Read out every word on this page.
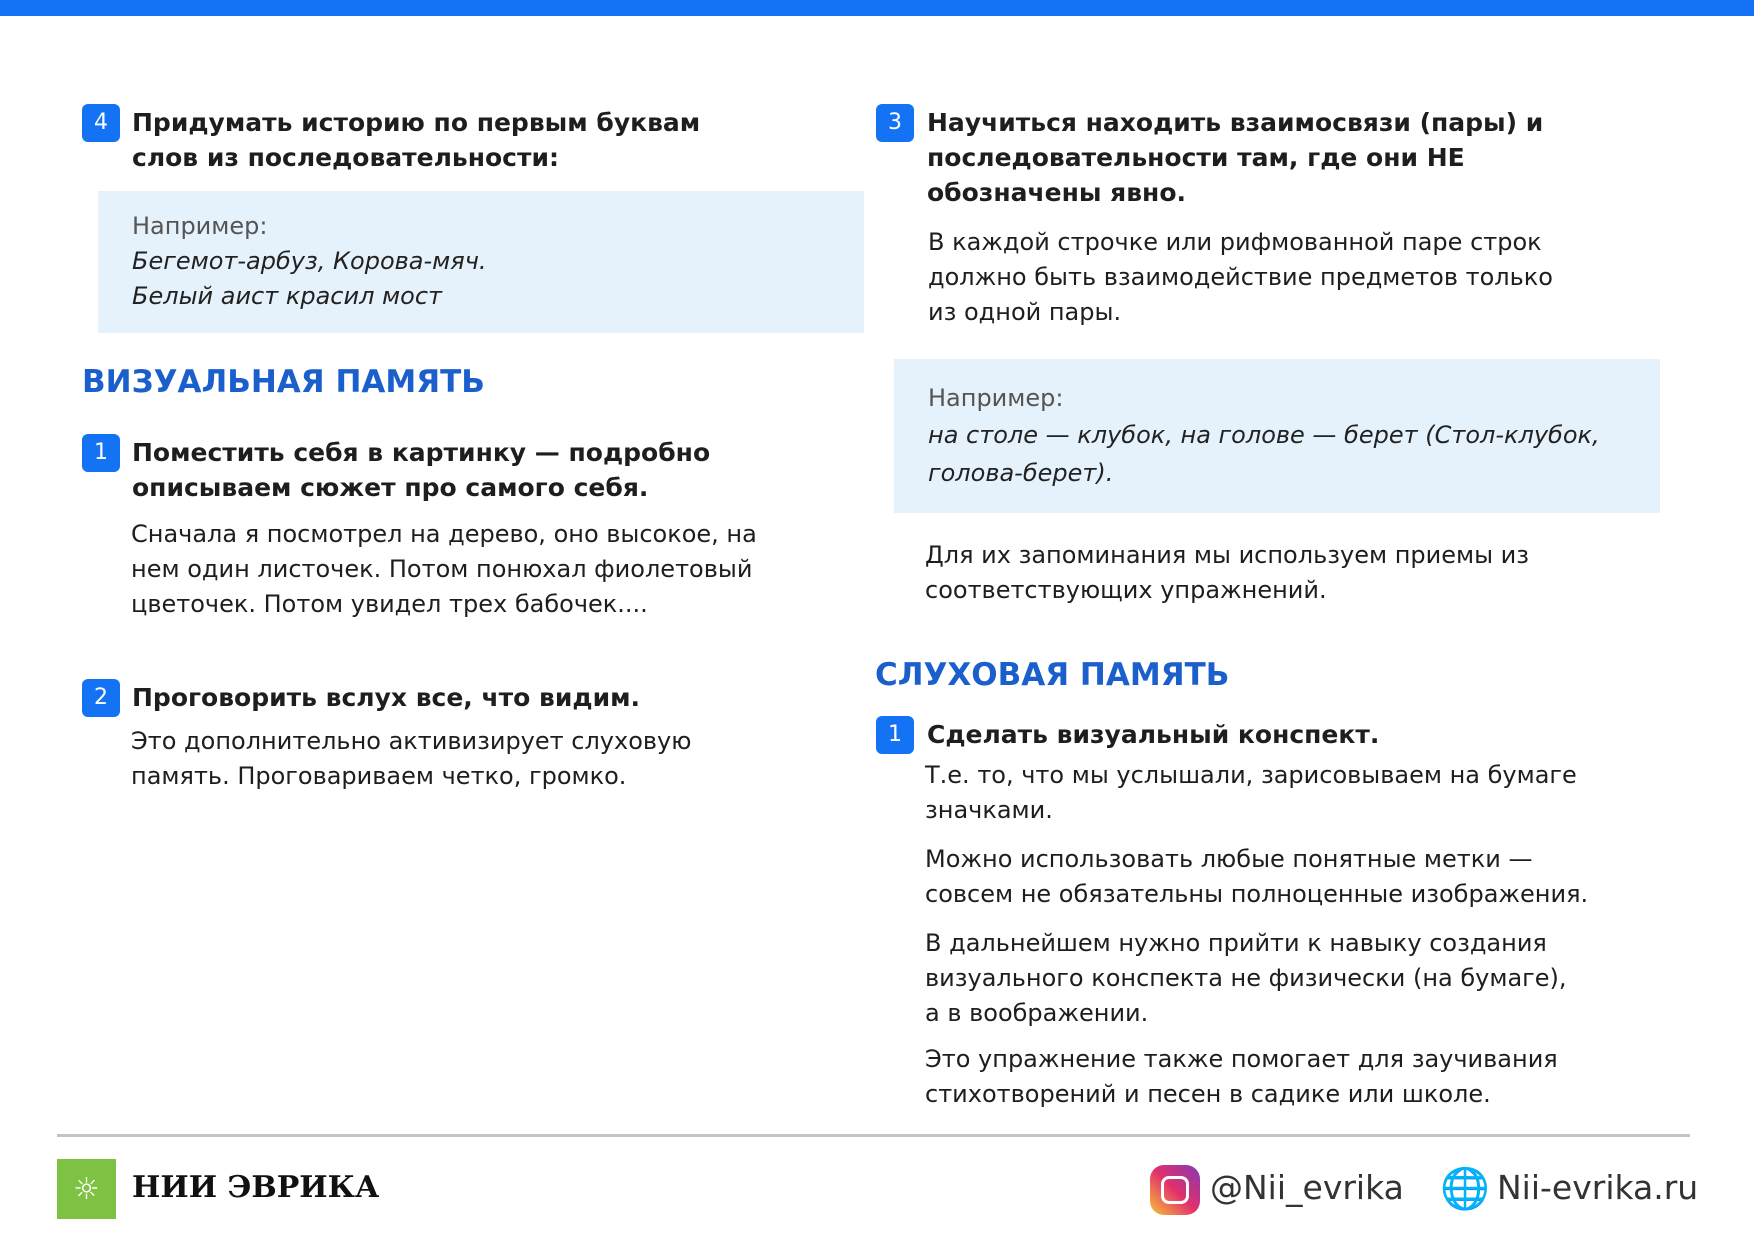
4 Придумать историю по первым буквам
слов из последовательности:
Например:
Бегемот-арбуз, Корова-мяч.
Белый аист красил мост
ВИЗУАЛЬНАЯ ПАМЯТЬ
1 Поместить себя в картинку — подробно
описываем сюжет про самого себя.
Сначала я посмотрел на дерево, оно высокое, на
нем один листочек. Потом понюхал фиолетовый
цветочек. Потом увидел трех бабочек....
2 Проговорить вслух все, что видим.
Это дополнительно активизирует слуховую
память. Проговариваем четко, громко.
3	Научиться находить взаимосвязи (пары) и
последовательности там, где они НЕ
обозначены явно.
В каждой строчке или рифмованной паре строк
должно быть взаимодействие предметов только
из одной пары.
Например:
на столе — клубок, на голове — берет (Стол-клубок,
голова-берет).
Для их запоминания мы используем приемы из
соответствующих упражнений.
СЛУХОВАЯ ПАМЯТЬ
1	Сделать визуальный конспект.
Т.е. то, что мы услышали, зарисовываем на бумаге
значками.
Можно использовать любые понятные метки —
совсем не обязательны полноценные изображения.
В дальнейшем нужно прийти к навыку создания
визуального конспекта не физически (на бумаге),
а в воображении.
Это упражнение также помогает для заучивания
стихотворений и песен в садике или школе.
☼	НИИ ЭВРИКА	@Nii_evrika 🌐 Nii-evrika.ru
